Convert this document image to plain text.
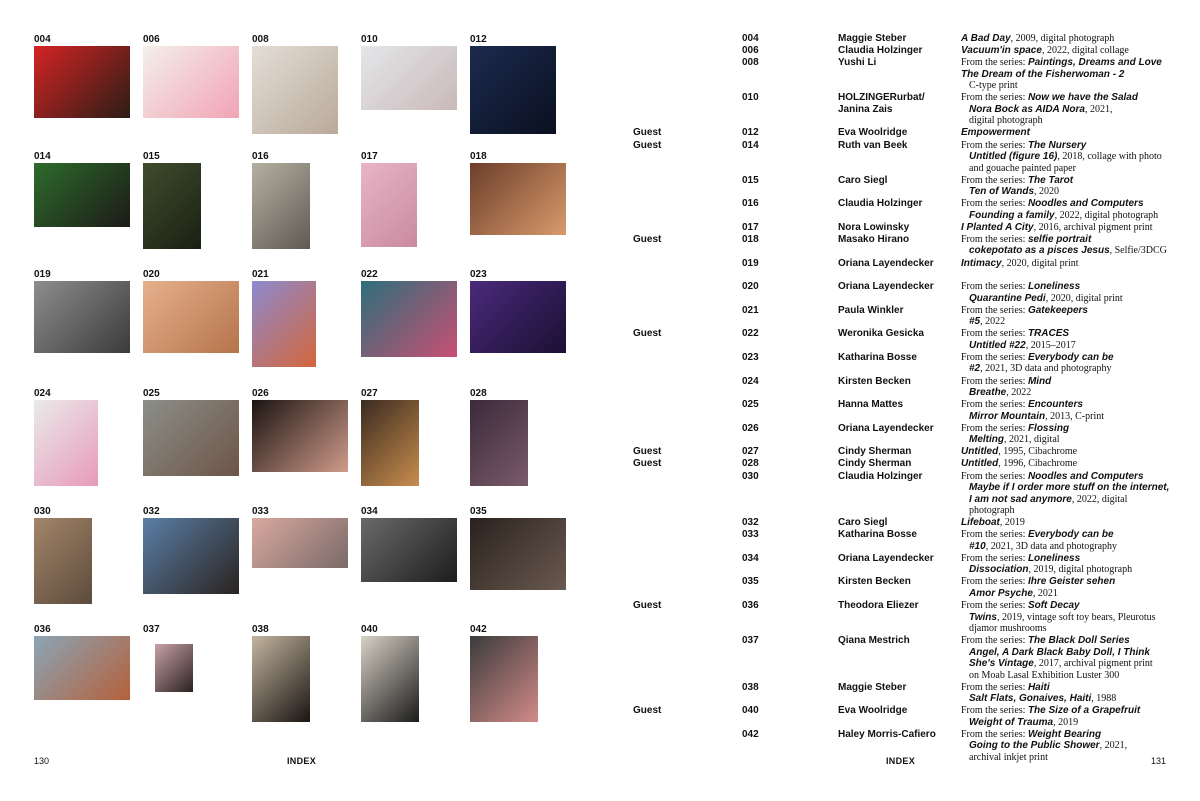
004	006	008	010	012
014	015	016	017	018
019	020	021	022	023
024	025	026	027	028
030	032	033	034	035
036	037	038	040	042
130	INDEX
004	Maggie Steber	A Bad Day, 2009, digital photograph
006	Claudia Holzinger	Vacuum'in space, 2022, digital collage
008	Yushi Li	From the series: Paintings, Dreams and Love
The Dream of the Fisherwoman - 2
C-type print
010	HOLZINGERurbat/ Janina Zais
From the series: Now we have the Salad
Nora Bock as AIDA Nora, 2021,
digital photograph
Guest	012	Eva Woolridge	Empowerment
Guest	014	Ruth van Beek	From the series: The Nursery
Untitled (figure 16), 2018, collage with photo
and gouache painted paper
015	Caro Siegl	From the series: The Tarot
Ten of Wands, 2020
016	Claudia Holzinger	From the series: Noodles and Computers
Founding a family, 2022, digital photograph
017	Nora Lowinsky	I Planted A City, 2016, archival pigment print
Guest	018	Masako Hirano	From the series: selfie portrait
cokepotato as a pisces Jesus, Selfie/3DCG
019	Oriana Layendecker	Intimacy, 2020, digital print
020	Oriana Layendecker	From the series: Loneliness
Quarantine Pedi, 2020, digital print
021	Paula Winkler	From the series: Gatekeepers
#5, 2022
Guest	022	Weronika Gesicka	From the series: TRACES
Untitled #22, 2015–2017
023	Katharina Bosse	From the series: Everybody can be
#2, 2021, 3D data and photography
024	Kirsten Becken	From the series: Mind
Breathe, 2022
025	Hanna Mattes	From the series: Encounters
Mirror Mountain, 2013, C-print
026	Oriana Layendecker	From the series: Flossing
Melting, 2021, digital
Guest	027	Cindy Sherman	Untitled, 1995, Cibachrome
Guest	028	Cindy Sherman	Untitled, 1996, Cibachrome
030	Claudia Holzinger	From the series: Noodles and Computers
Maybe if I order more stuff on the internet,
I am not sad anymore, 2022, digital
photograph
032	Caro Siegl	Lifeboat, 2019
033	Katharina Bosse	From the series: Everybody can be
#10, 2021, 3D data and photography
034	Oriana Layendecker	From the series: Loneliness
Dissociation, 2019, digital photograph
035	Kirsten Becken	From the series: Ihre Geister sehen
Amor Psyche, 2021
Guest	036	Theodora Eliezer	From the series: Soft Decay
Twins, 2019, vintage soft toy bears, Pleurotus
djamor mushrooms
037	Qiana Mestrich	From the series: The Black Doll Series
Angel, A Dark Black Baby Doll, I Think
She's Vintage, 2017, archival pigment print
on Moab Lasal Exhibition Luster 300
038	Maggie Steber	From the series: Haiti
Salt Flats, Gonaives, Haiti, 1988
Guest	040	Eva Woolridge	From the series: The Size of a Grapefruit
Weight of Trauma, 2019
042	Haley Morris-Cafiero	From the series: Weight Bearing
Going to the Public Shower, 2021,
archival inkjet print
INDEX	131
